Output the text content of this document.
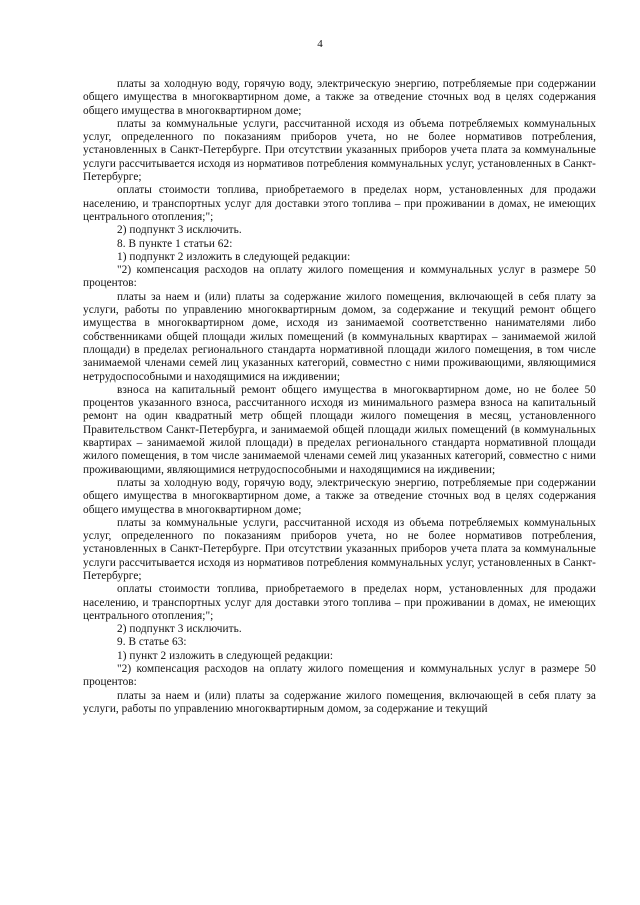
4

платы за холодную воду, горячую воду, электрическую энергию, потребляемые при содержании общего имущества в многоквартирном доме, а также за отведение сточных вод в целях содержания общего имущества в многоквартирном доме;

платы за коммунальные услуги, рассчитанной исходя из объема потребляемых коммунальных услуг, определенного по показаниям приборов учета, но не более нормативов потребления, установленных в Санкт-Петербурге. При отсутствии указанных приборов учета плата за коммунальные услуги рассчитывается исходя из нормативов потребления коммунальных услуг, установленных в Санкт-Петербурге;

оплаты стоимости топлива, приобретаемого в пределах норм, установленных для продажи населению, и транспортных услуг для доставки этого топлива – при проживании в домах, не имеющих центрального отопления;";

2) подпункт 3 исключить.

8. В пункте 1 статьи 62:

1) подпункт 2 изложить в следующей редакции:

"2) компенсация расходов на оплату жилого помещения и коммунальных услуг в размере 50 процентов:

платы за наем и (или) платы за содержание жилого помещения, включающей в себя плату за услуги, работы по управлению многоквартирным домом, за содержание и текущий ремонт общего имущества в многоквартирном доме, исходя из занимаемой соответственно нанимателями либо собственниками общей площади жилых помещений (в коммунальных квартирах – занимаемой жилой площади) в пределах регионального стандарта нормативной площади жилого помещения, в том числе занимаемой членами семей лиц указанных категорий, совместно с ними проживающими, являющимися нетрудоспособными и находящимися на иждивении;

взноса на капитальный ремонт общего имущества в многоквартирном доме, но не более 50 процентов указанного взноса, рассчитанного исходя из минимального размера взноса на капитальный ремонт на один квадратный метр общей площади жилого помещения в месяц, установленного Правительством Санкт-Петербурга, и занимаемой общей площади жилых помещений (в коммунальных квартирах – занимаемой жилой площади) в пределах регионального стандарта нормативной площади жилого помещения, в том числе занимаемой членами семей лиц указанных категорий, совместно с ними проживающими, являющимися нетрудоспособными и находящимися на иждивении;

платы за холодную воду, горячую воду, электрическую энергию, потребляемые при содержании общего имущества в многоквартирном доме, а также за отведение сточных вод в целях содержания общего имущества в многоквартирном доме;

платы за коммунальные услуги, рассчитанной исходя из объема потребляемых коммунальных услуг, определенного по показаниям приборов учета, но не более нормативов потребления, установленных в Санкт-Петербурге. При отсутствии указанных приборов учета плата за коммунальные услуги рассчитывается исходя из нормативов потребления коммунальных услуг, установленных в Санкт-Петербурге;

оплаты стоимости топлива, приобретаемого в пределах норм, установленных для продажи населению, и транспортных услуг для доставки этого топлива – при проживании в домах, не имеющих центрального отопления;";

2) подпункт 3 исключить.

9. В статье 63:

1) пункт 2 изложить в следующей редакции:

"2) компенсация расходов на оплату жилого помещения и коммунальных услуг в размере 50 процентов:

платы за наем и (или) платы за содержание жилого помещения, включающей в себя плату за услуги, работы по управлению многоквартирным домом, за содержание и текущий
